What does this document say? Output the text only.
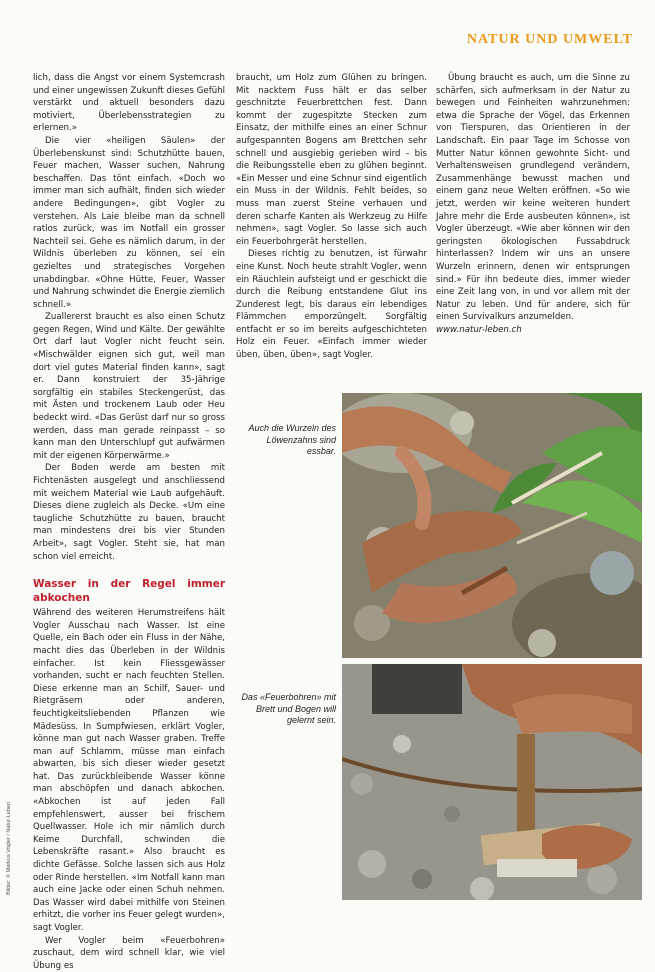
NATUR UND UMWELT

lich, dass die Angst vor einem Systemcrash und einer ungewissen Zukunft dieses Gefühl verstärkt und aktuell besonders dazu motiviert, Überlebensstrategien zu erlernen.»

Die vier «heiligen Säulen» der Überlebenskunst sind: Schutzhütte bauen, Feuer machen, Wasser suchen, Nahrung beschaffen. Das tönt einfach. «Doch wo immer man sich aufhält, finden sich wieder andere Bedingungen», gibt Vogler zu verstehen. Als Laie bleibe man da schnell ratlos zurück, was im Notfall ein grosser Nachteil sei. Gehe es nämlich darum, in der Wildnis überleben zu können, sei ein gezieltes und strategisches Vorgehen unabdingbar. «Ohne Hütte, Feuer, Wasser und Nahrung schwindet die Energie ziemlich schnell.»

Zuallererst braucht es also einen Schutz gegen Regen, Wind und Kälte. Der gewählte Ort darf laut Vogler nicht feucht sein. «Mischwälder eignen sich gut, weil man dort viel gutes Material finden kann», sagt er. Dann konstruiert der 35-Jährige sorgfältig ein stabiles Steckengerüst, das mit Ästen und trockenem Laub oder Heu bedeckt wird. «Das Gerüst darf nur so gross werden, dass man gerade reinpasst – so kann man den Unterschlupf gut aufwärmen mit der eigenen Körperwärme.»

Der Boden werde am besten mit Fichtenästen ausgelegt und anschliessend mit weichem Material wie Laub aufgehäuft. Dieses diene zugleich als Decke. «Um eine taugliche Schutzhütte zu bauen, braucht man mindestens drei bis vier Stunden Arbeit», sagt Vogler. Steht sie, hat man schon viel erreicht.

Wasser in der Regel immer abkochen

Während des weiteren Herumstreifens hält Vogler Ausschau nach Wasser. Ist eine Quelle, ein Bach oder ein Fluss in der Nähe, macht dies das Überleben in der Wildnis einfacher. Ist kein Fliessgewässer vorhanden, sucht er nach feuchten Stellen. Diese erkenne man an Schilf, Sauer- und Rietgräsern oder anderen, feuchtigkeitsliebenden Pflanzen wie Mädesüss. In Sumpfwiesen, erklärt Vogler, könne man gut nach Wasser graben. Treffe man auf Schlamm, müsse man einfach abwarten, bis sich dieser wieder gesetzt hat. Das zurückbleibende Wasser könne man abschöpfen und danach abkochen. «Abkochen ist auf jeden Fall empfehlenswert, ausser bei frischem Quellwasser. Hole ich mir nämlich durch Keime Durchfall, schwinden die Lebenskräfte rasant.» Also braucht es dichte Gefässe. Solche lassen sich aus Holz oder Rinde herstellen. «Im Notfall kann man auch eine Jacke oder einen Schuh nehmen. Das Wasser wird dabei mithilfe von Steinen erhitzt, die vorher ins Feuer gelegt wurden», sagt Vogler.

Wer Vogler beim «Feuerbohren» zuschaut, dem wird schnell klar, wie viel Übung es

braucht, um Holz zum Glühen zu bringen. Mit nacktem Fuss hält er das selber geschnitzte Feuerbrettchen fest. Dann kommt der zugespitzte Stecken zum Einsatz, der mithilfe eines an einer Schnur aufgespannten Bogens am Brettchen sehr schnell und ausgiebig gerieben wird – bis die Reibungsstelle eben zu glühen beginnt. «Ein Messer und eine Schnur sind eigentlich ein Muss in der Wildnis. Fehlt beides, so muss man zuerst Steine verhauen und deren scharfe Kanten als Werkzeug zu Hilfe nehmen», sagt Vogler. So lasse sich auch ein Feuerbohrgerät herstellen.

Dieses richtig zu benutzen, ist fürwahr eine Kunst. Noch heute strahlt Vogler, wenn ein Räuchlein aufsteigt und er geschickt die durch die Reibung entstandene Glut ins Zunderest legt, bis daraus ein lebendiges Flämmchen emporzüngelt. Sorgfältig entfacht er so im bereits aufgeschichteten Holz ein Feuer. «Einfach immer wieder üben, üben, üben», sagt Vogler.

Übung braucht es auch, um die Sinne zu schärfen, sich aufmerksam in der Natur zu bewegen und Feinheiten wahrzunehmen: etwa die Sprache der Vögel, das Erkennen von Tierspuren, das Orientieren in der Landschaft. Ein paar Tage im Schosse von Mutter Natur können gewohnte Sicht- und Verhaltensweisen grundlegend verändern, Zusammenhänge bewusst machen und einem ganz neue Welten eröffnen. «So wie jetzt, werden wir keine weiteren hundert Jahre mehr die Erde ausbeuten können», ist Vogler überzeugt. «Wie aber können wir den geringsten ökologischen Fussabdruck hinterlassen? Indem wir uns an unsere Wurzeln erinnern, denen wir entsprungen sind.» Für ihn bedeute dies, immer wieder eine Zeit lang von, in und vor allem mit der Natur zu leben. Und für andere, sich für einen Survivalkurs anzumelden.

www.natur-leben.ch

Auch die Wurzeln des Löwenzahns sind essbar.
Das «Feuerbohren» mit Brett und Bogen will gelernt sein.
Bilder: © Markus Vogler / Natur-Leben
